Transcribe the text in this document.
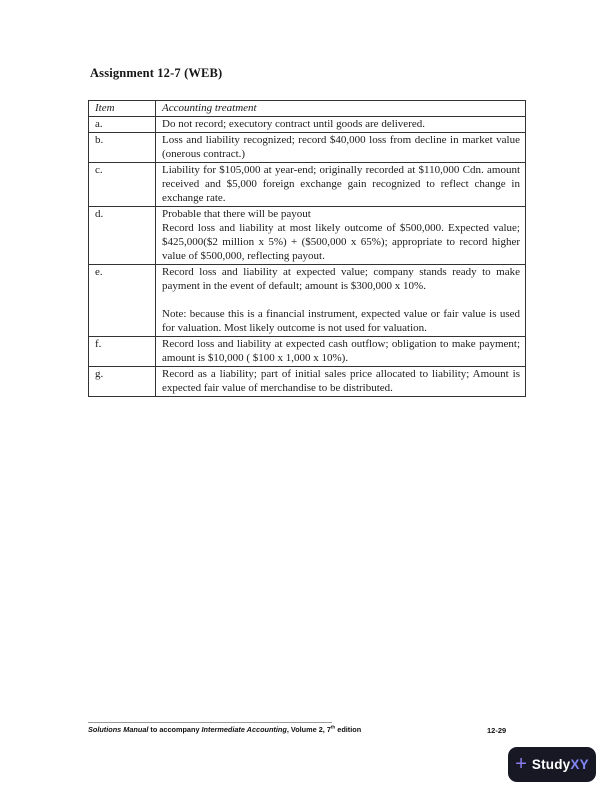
Assignment 12-7 (WEB)
Item	Accounting treatment
a.	Do not record; executory contract until goods are delivered.

b.	Loss and liability recognized; record $40,000 loss from decline in market value (onerous contract.)

c.	Liability for $105,000 at year-end; originally recorded at $110,000 Cdn. amount received and $5,000 foreign exchange gain recognized to reflect change in exchange rate.

d.	Probable that there will be payout

Record loss and liability at most likely outcome of $500,000. Expected value; $425,000($2 million x 5%) + ($500,000 x 65%); appropriate to record higher value of $500,000, reflecting payout.

e.	Record loss and liability at expected value; company stands ready to make payment in the event of default; amount is $300,000 x 10%.

Note: because this is a financial instrument, expected value or fair value is used for valuation. Most likely outcome is not used for valuation.

f.	Record loss and liability at expected cash outflow; obligation to make payment; amount is $10,000 ( $100 x 1,000 x 10%).

g.	Record as a liability; part of initial sales price allocated to liability; Amount is expected fair value of merchandise to be distributed.

Solutions Manual to accompany Intermediate Accounting, Volume 2, 7th edition	12-29
+ StudyXY
